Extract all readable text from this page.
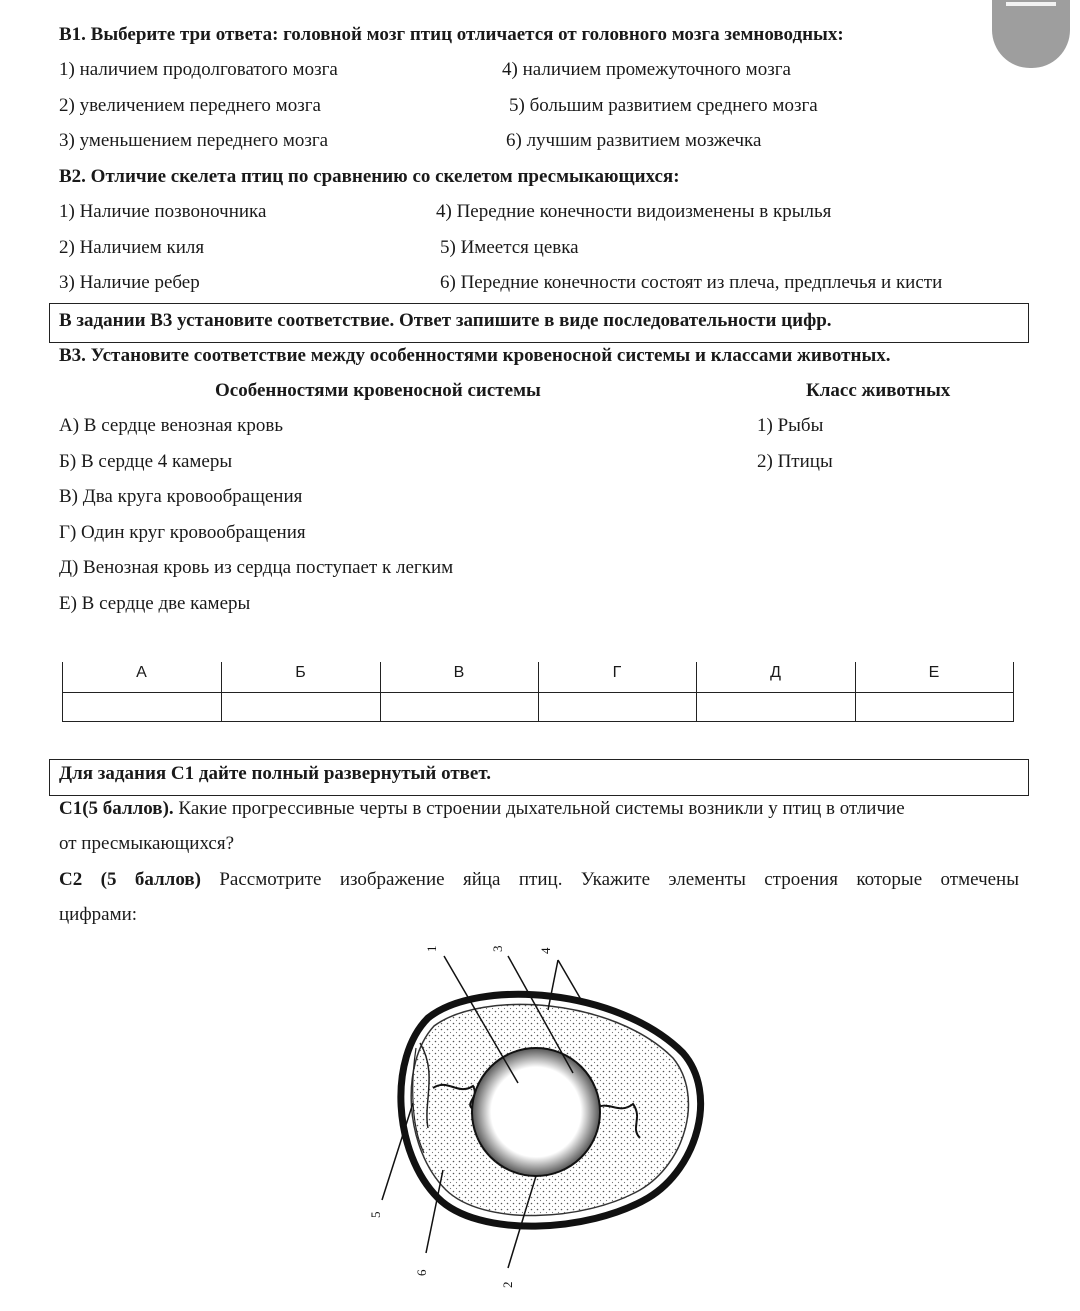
В1. Выберите три ответа: головной мозг птиц отличается от головного мозга земноводных:
1) наличием продолговатого мозга	4) наличием промежуточного мозга
2) увеличением переднего мозга	5) большим развитием среднего мозга
3) уменьшением переднего мозга	6) лучшим развитием мозжечка
В2. Отличие скелета птиц по сравнению со скелетом пресмыкающихся:
1) Наличие позвоночника	4) Передние конечности видоизменены в крылья
2) Наличием киля	5) Имеется цевка
3) Наличие ребер	6) Передние конечности состоят из плеча, предплечья и кисти
В задании В3 установите соответствие. Ответ запишите в виде последовательности цифр.
В3. Установите соответствие между особенностями кровеносной системы и классами животных.
Особенностями кровеносной системы	Класс животных
А) В сердце венозная кровь	1) Рыбы
Б) В сердце 4 камеры	2) Птицы
В) Два круга кровообращения
Г) Один круг кровообращения
Д) Венозная кровь из сердца поступает к легким
Е) В сердце две камеры
А	Б	В	Г	Д	Е
Для задания С1 дайте полный развернутый ответ.
С1(5 баллов). Какие прогрессивные черты в строении дыхательной системы возникли у птиц в отличие
от пресмыкающихся?
С2 (5 баллов) Рассмотрите изображение яйца птиц. Укажите элементы строения которые отмечены
цифрами:
1
2
3	4
5
6
